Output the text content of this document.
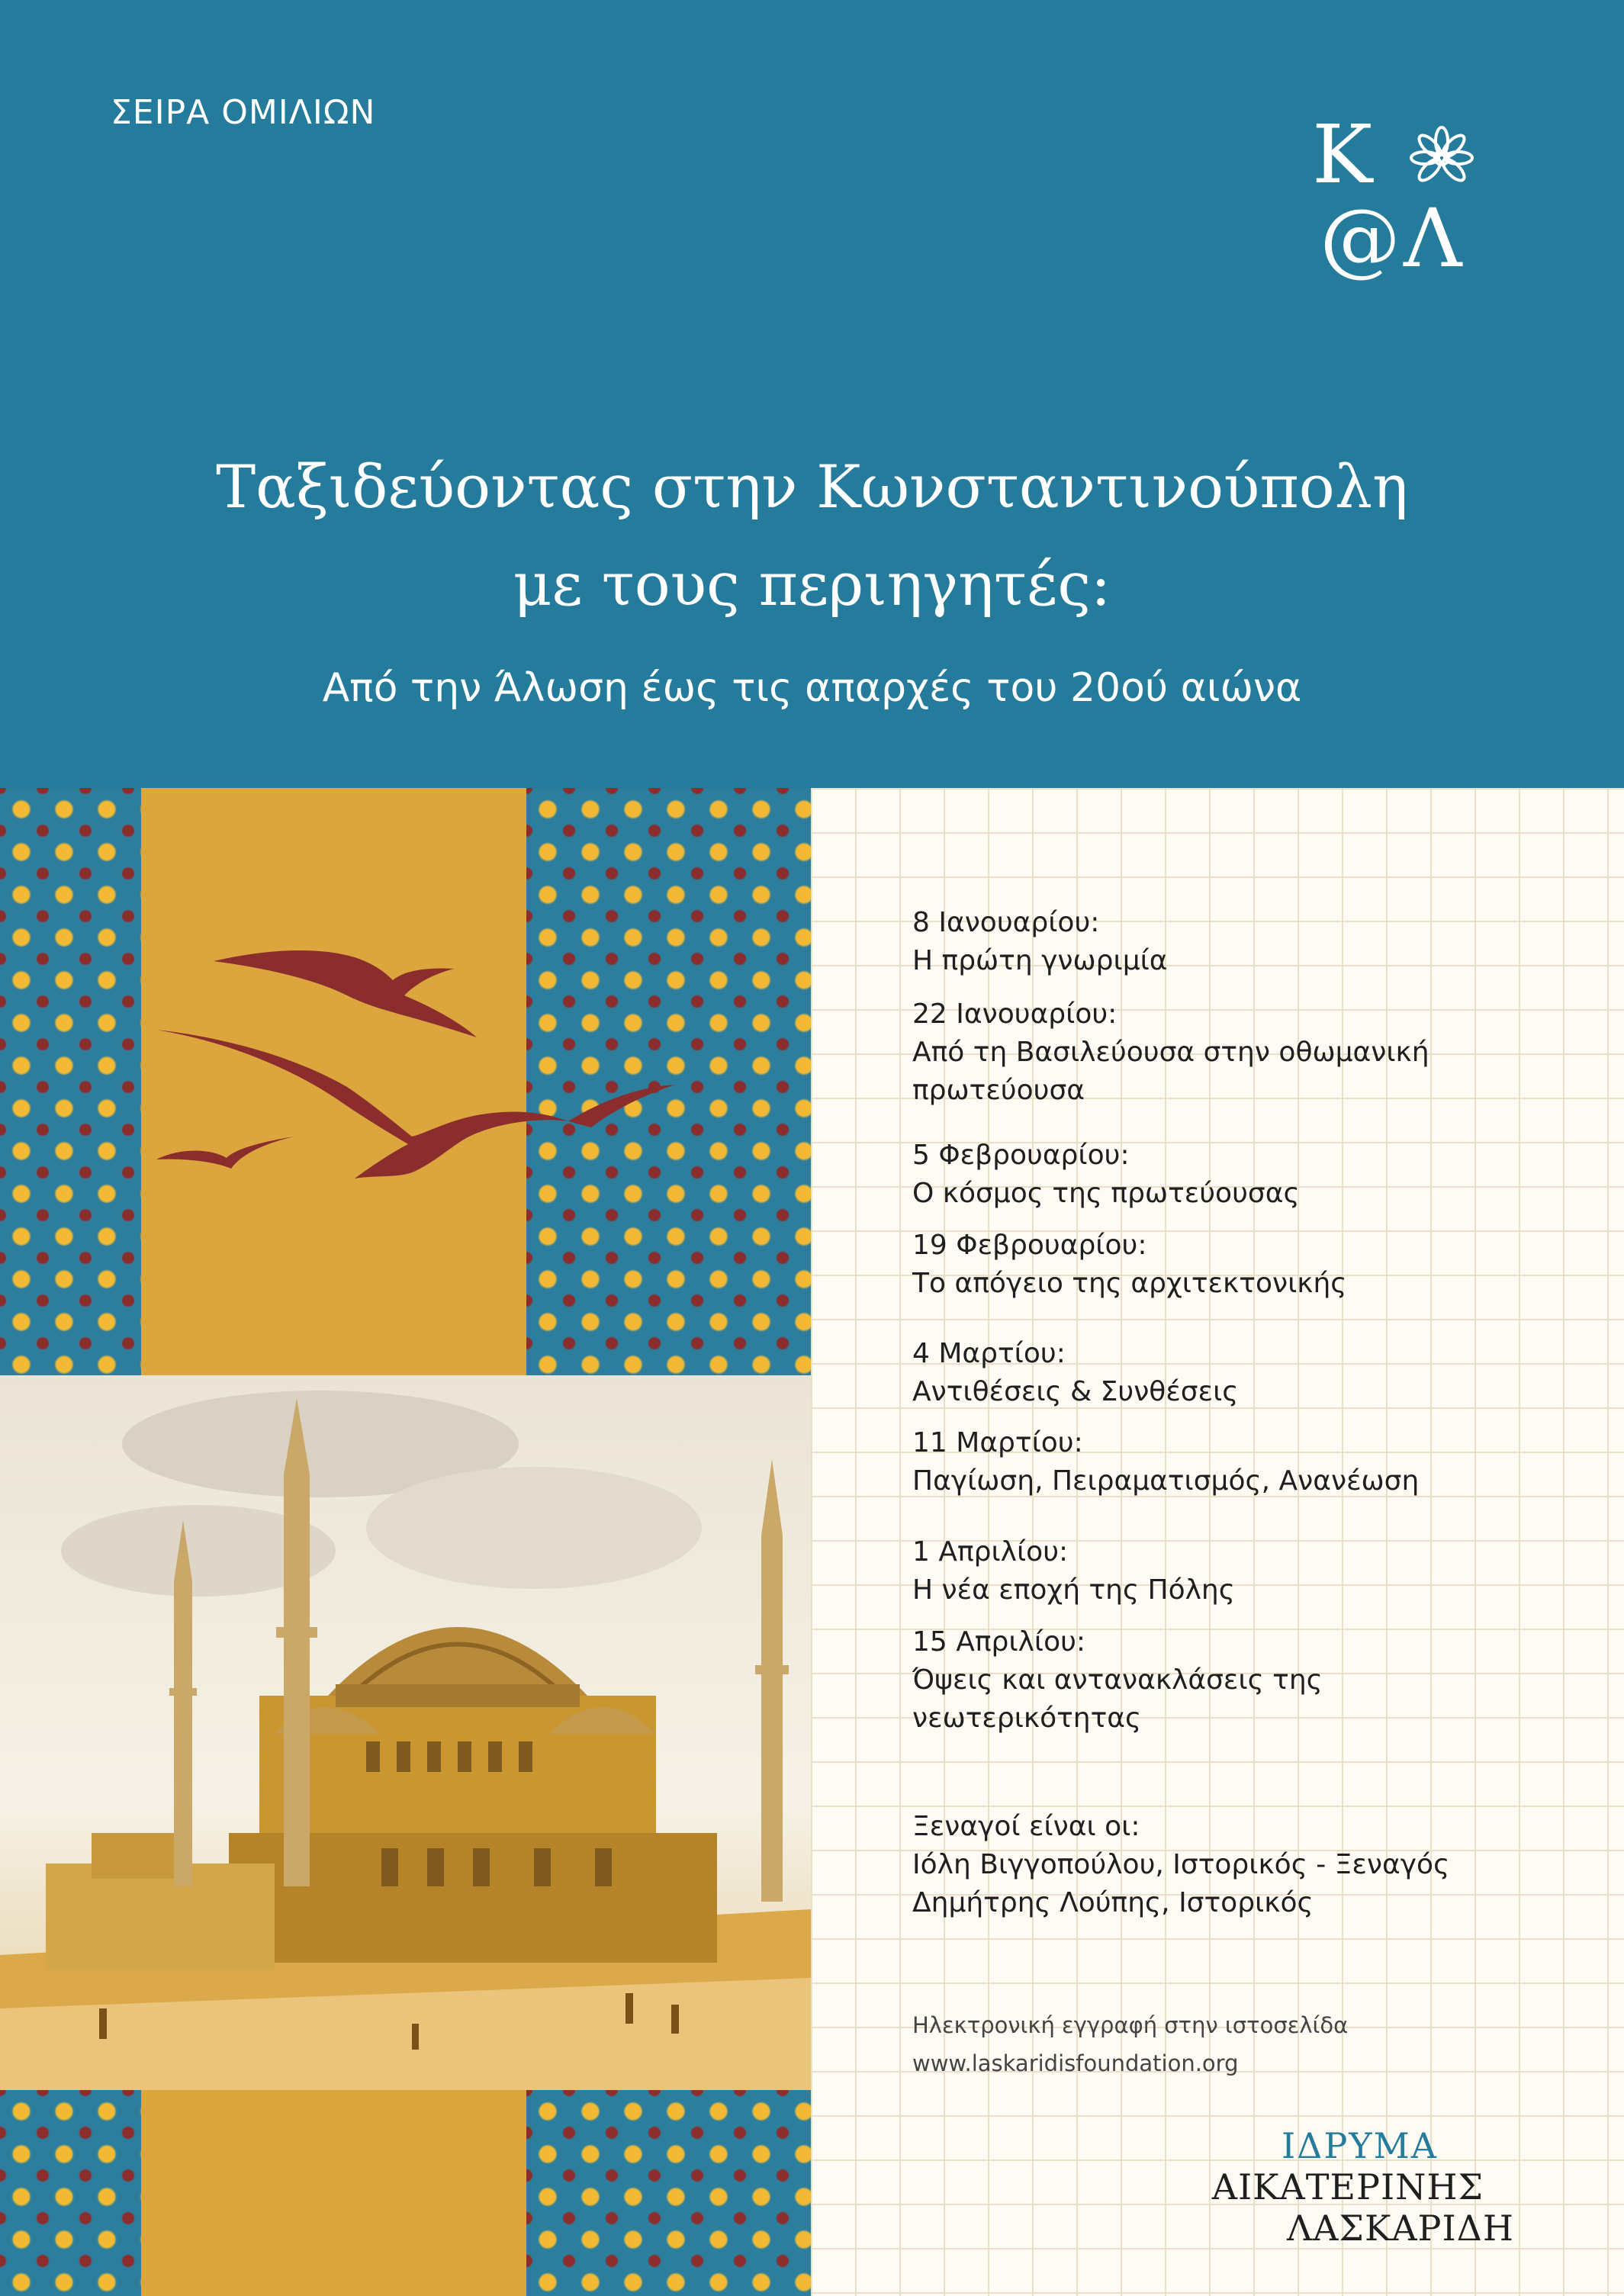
ΣΕΙΡΑ ΟΜΙΛΙΩΝ	Κ
@ Λ
Ταξιδεύοντας στην Κωνσταντινούπολη
με τους περιηγητές:
Από την Άλωση έως τις απαρχές του 20ού αιώνα
8 Ιανουαρίου:
Η πρώτη γνωριμία
22 Ιανουαρίου:
Από τη Βασιλεύουσα στην οθωμανική
πρωτεύουσα
5 Φεβρουαρίου:
Ο κόσμος της πρωτεύουσας
19 Φεβρουαρίου:
Το απόγειο της αρχιτεκτονικής
4 Μαρτίου:
Αντιθέσεις & Συνθέσεις
11 Μαρτίου:
Παγίωση, Πειραματισμός, Ανανέωση
1 Απριλίου:
Η νέα εποχή της Πόλης
15 Απριλίου:
Όψεις και αντανακλάσεις της
νεωτερικότητας
Ξεναγοί είναι οι:
Ιόλη Βιγγοπούλου, Ιστορικός - Ξεναγός
Δημήτρης Λούπης, Ιστορικός
Ηλεκτρονική εγγραφή στην ιστοσελίδα
www.laskaridisfoundation.org
ΙΔΡΥΜΑ
ΑΙΚΑΤΕΡΙΝΗΣ
ΛΑΣΚΑΡΙΔΗ
